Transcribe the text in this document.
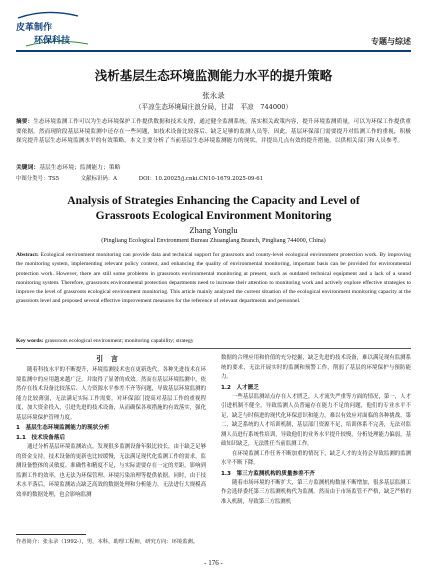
皮革制作
环保科技	专题与综述
浅析基层生态环境监测能力水平的提升策略
张永录
（平凉生态环境局庄浪分局，甘肃　平凉　744000）
摘要：生态环境监测工作可以为生态环境保护工作提供数据和技术支撑，通过健全监测系统，落实相关政策内容，提升环境监测质量，可以为环保工作提供重要依据。然而现阶段基层环境监测中还存在一些问题，如技术设备比较落后、缺乏足够的监测人员等，因此，基层环保部门需要提升对监测工作的重视，积极探究提升基层生态环境监测水平的有效策略。本文主要分析了当前基层生态环境监测能力的现状，并提出几点有效的提升措施，以供相关部门和人员参考。
关键词：基层生态环境；监测能力；策略
中图分类号：TS5	文献标识码：A	DOI：10.20025/j.cnki.CN10-1679.2025-09-61
Analysis of Strategies Enhancing the Capacity and Level of
Grassroots Ecological Environment Monitoring
Zhang Yonglu
(Pingliang Ecological Environment Bureau Zhuanglang Branch, Pingliang 744000, China)
Abstract: Ecological environment monitoring can provide data and technical support for grassroots and county-level ecological environment protection work. By improving the monitoring system, implementing relevant policy content, and enhancing the quality of environmental monitoring, important basis can be provided for environmental protection work. However, there are still some problems in grassroots environmental monitoring at present, such as outdated technical equipment and a lack of a sound monitoring system. Therefore, grassroots environmental protection departments need to increase their attention to monitoring work and actively explore effective strategies to improve the level of grassroots ecological environment monitoring. This article mainly analyzed the current situation of the ecological environment monitoring capacity at the grassroots level and proposed several effective improvement measures for the reference of relevant departments and personnel.
Key words: grassroots ecological environment; monitoring capability; strategy
引言

随着科技水平的不断提升，环境监测技术也在更新迭代，各种先进技术在环境监测中的应用越来越广泛，并取得了显著的成效。然而在基层环境监测中，依然存在技术设备比较落后、人力资源水平参差不齐等问题，导致基层环境监测的能力比较薄弱，无法满足实际工作需要。对环保部门提高对基层工作的重视程度，加大资金投入，引进先进的技术设备，从而确保各项措施的有效落实，强化基层环境保护管理力度。

1　基层生态环境监测能力的现状分析
1.1　技术设备落后

通过分析基层环境监测站点，发现很多监测设备年限比较长，由于缺乏足够的资金支持，技术设备的更新也比较缓慢，无法满足现代化监测工作的需求，监测设备整体的灵敏度、准确性和精度不足，与实际需要存在一定的差距。影响到监测工作的效率，也无法为环保管理、环境污染治理等提供依据。同时，由于技术水平落后，环境监测站点缺乏高效的数据处理和分析能力，无法进行大规模高效率的数据处理，也会影响监测

数据的合理应用和价值的充分挖掘，缺乏先进的技术设备，难以满足现有监测系统的要求，无法开展实时的监测和预警工作，削弱了基层的环境保护与预防能力。

1.2　人才匮乏

一些基层监测站点存在人才匮乏，人才流失严重等方面的情况，第一，人才引进机制不健全，导致监测人员普遍存在能力不足的问题，他们的专业水平不足，缺乏与时俱进的现代化环保意识和能力，难以有效应对面临的各种挑战。第二，缺乏系统的人才培训机制，基层部门资源不足，培训体系不完善，无法对监测人员进行系统性培训，导致他们的业务水平提升较慢，分析处理能力偏弱，基础知识缺乏，无法胜任当前监测工作。

在环境监测工作任务不断加重的情况下，缺乏人才的支持会导致监测的监测水平不断下降。

1.3　第三方监测机构的质量参差不齐

随着市场环境的不断扩大，第三方监测机构数量不断增加，很多基层监测工作会选择委托第三方监测机构代为监测。然而由于市场监管不严格，缺乏严格的准入机制，导致第三方监测机

作者简介：张永录（1992-），男，本科，助理工程师，研究方向：环境监测。
- 176 -
